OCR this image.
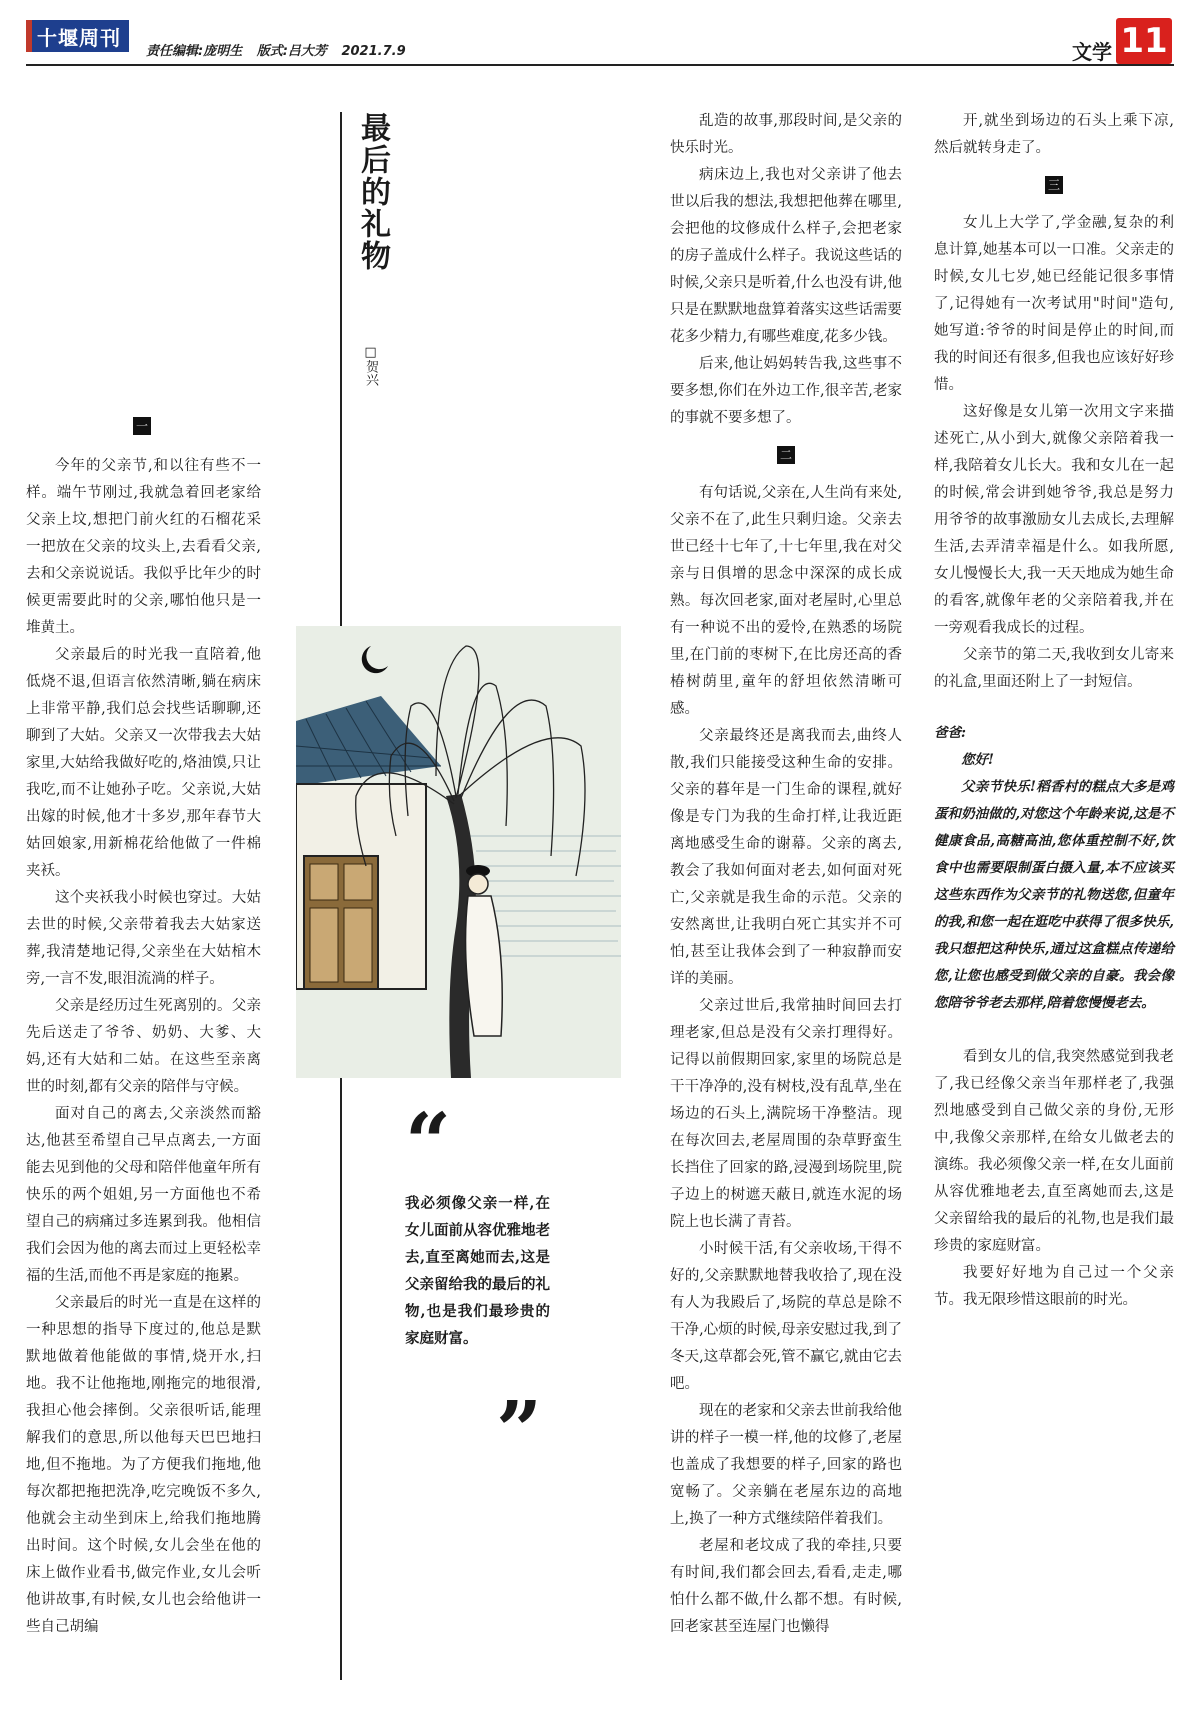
十堰周刊
责任编辑:庞明生 版式:吕大芳 2021.7.9	文学 11
最后的礼物
□贺兴
一

今年的父亲节,和以往有些不一样。端午节刚过,我就急着回老家给父亲上坟,想把门前火红的石榴花采一把放在父亲的坟头上,去看看父亲,去和父亲说说话。我似乎比年少的时候更需要此时的父亲,哪怕他只是一堆黄土。

父亲最后的时光我一直陪着,他低烧不退,但语言依然清晰,躺在病床上非常平静,我们总会找些话聊聊,还聊到了大姑。父亲又一次带我去大姑家里,大姑给我做好吃的,烙油馍,只让我吃,而不让她孙子吃。父亲说,大姑出嫁的时候,他才十多岁,那年春节大姑回娘家,用新棉花给他做了一件棉夹袄。

这个夹袄我小时候也穿过。大姑去世的时候,父亲带着我去大姑家送葬,我清楚地记得,父亲坐在大姑棺木旁,一言不发,眼泪流淌的样子。

父亲是经历过生死离别的。父亲先后送走了爷爷、奶奶、大爹、大妈,还有大姑和二姑。在这些至亲离世的时刻,都有父亲的陪伴与守候。

面对自己的离去,父亲淡然而豁达,他甚至希望自己早点离去,一方面能去见到他的父母和陪伴他童年所有快乐的两个姐姐,另一方面他也不希望自己的病痛过多连累到我。他相信我们会因为他的离去而过上更轻松幸福的生活,而他不再是家庭的拖累。

父亲最后的时光一直是在这样的一种思想的指导下度过的,他总是默默地做着他能做的事情,烧开水,扫地。我不让他拖地,刚拖完的地很滑,我担心他会摔倒。父亲很听话,能理解我们的意思,所以他每天巴巴地扫地,但不拖地。为了方便我们拖地,他每次都把拖把洗净,吃完晚饭不多久,他就会主动坐到床上,给我们拖地腾出时间。这个时候,女儿会坐在他的床上做作业看书,做完作业,女儿会听他讲故事,有时候,女儿也会给他讲一些自己胡编

“
我必须像父亲一样,在女儿面前从容优雅地老去,直至离她而去,这是父亲留给我的最后的礼物,也是我们最珍贵的家庭财富。
”

乱造的故事,那段时间,是父亲的快乐时光。

病床边上,我也对父亲讲了他去世以后我的想法,我想把他葬在哪里,会把他的坟修成什么样子,会把老家的房子盖成什么样子。我说这些话的时候,父亲只是听着,什么也没有讲,他只是在默默地盘算着落实这些话需要花多少精力,有哪些难度,花多少钱。

后来,他让妈妈转告我,这些事不要多想,你们在外边工作,很辛苦,老家的事就不要多想了。

二

有句话说,父亲在,人生尚有来处,父亲不在了,此生只剩归途。父亲去世已经十七年了,十七年里,我在对父亲与日俱增的思念中深深的成长成熟。每次回老家,面对老屋时,心里总有一种说不出的爱怜,在熟悉的场院里,在门前的枣树下,在比房还高的香椿树荫里,童年的舒坦依然清晰可感。

父亲最终还是离我而去,曲终人散,我们只能接受这种生命的安排。父亲的暮年是一门生命的课程,就好像是专门为我的生命打样,让我近距离地感受生命的谢幕。父亲的离去,教会了我如何面对老去,如何面对死亡,父亲就是我生命的示范。父亲的安然离世,让我明白死亡其实并不可怕,甚至让我体会到了一种寂静而安详的美丽。

父亲过世后,我常抽时间回去打理老家,但总是没有父亲打理得好。记得以前假期回家,家里的场院总是干干净净的,没有树枝,没有乱草,坐在场边的石头上,满院场干净整洁。现在每次回去,老屋周围的杂草野蛮生长挡住了回家的路,浸漫到场院里,院子边上的树遮天蔽日,就连水泥的场院上也长满了青苔。

小时候干活,有父亲收场,干得不好的,父亲默默地替我收拾了,现在没有人为我殿后了,场院的草总是除不干净,心烦的时候,母亲安慰过我,到了冬天,这草都会死,管不赢它,就由它去吧。

现在的老家和父亲去世前我给他讲的样子一模一样,他的坟修了,老屋也盖成了我想要的样子,回家的路也宽畅了。父亲躺在老屋东边的高地上,换了一种方式继续陪伴着我们。

老屋和老坟成了我的牵挂,只要有时间,我们都会回去,看看,走走,哪怕什么都不做,什么都不想。有时候,回老家甚至连屋门也懒得

开,就坐到场边的石头上乘下凉,然后就转身走了。

三

女儿上大学了,学金融,复杂的利息计算,她基本可以一口准。父亲走的时候,女儿七岁,她已经能记很多事情了,记得她有一次考试用"时间"造句,她写道:爷爷的时间是停止的时间,而我的时间还有很多,但我也应该好好珍惜。

这好像是女儿第一次用文字来描述死亡,从小到大,就像父亲陪着我一样,我陪着女儿长大。我和女儿在一起的时候,常会讲到她爷爷,我总是努力用爷爷的故事激励女儿去成长,去理解生活,去弄清幸福是什么。如我所愿,女儿慢慢长大,我一天天地成为她生命的看客,就像年老的父亲陪着我,并在一旁观看我成长的过程。

父亲节的第二天,我收到女儿寄来的礼盒,里面还附上了一封短信。

爸爸:

您好!

父亲节快乐!稻香村的糕点大多是鸡蛋和奶油做的,对您这个年龄来说,这是不健康食品,高糖高油,您体重控制不好,饮食中也需要限制蛋白摄入量,本不应该买这些东西作为父亲节的礼物送您,但童年的我,和您一起在逛吃中获得了很多快乐,我只想把这种快乐,通过这盒糕点传递给您,让您也感受到做父亲的自豪。我会像您陪爷爷老去那样,陪着您慢慢老去。

看到女儿的信,我突然感觉到我老了,我已经像父亲当年那样老了,我强烈地感受到自己做父亲的身份,无形中,我像父亲那样,在给女儿做老去的演练。我必须像父亲一样,在女儿面前从容优雅地老去,直至离她而去,这是父亲留给我的最后的礼物,也是我们最珍贵的家庭财富。

我要好好地为自己过一个父亲节。我无限珍惜这眼前的时光。
